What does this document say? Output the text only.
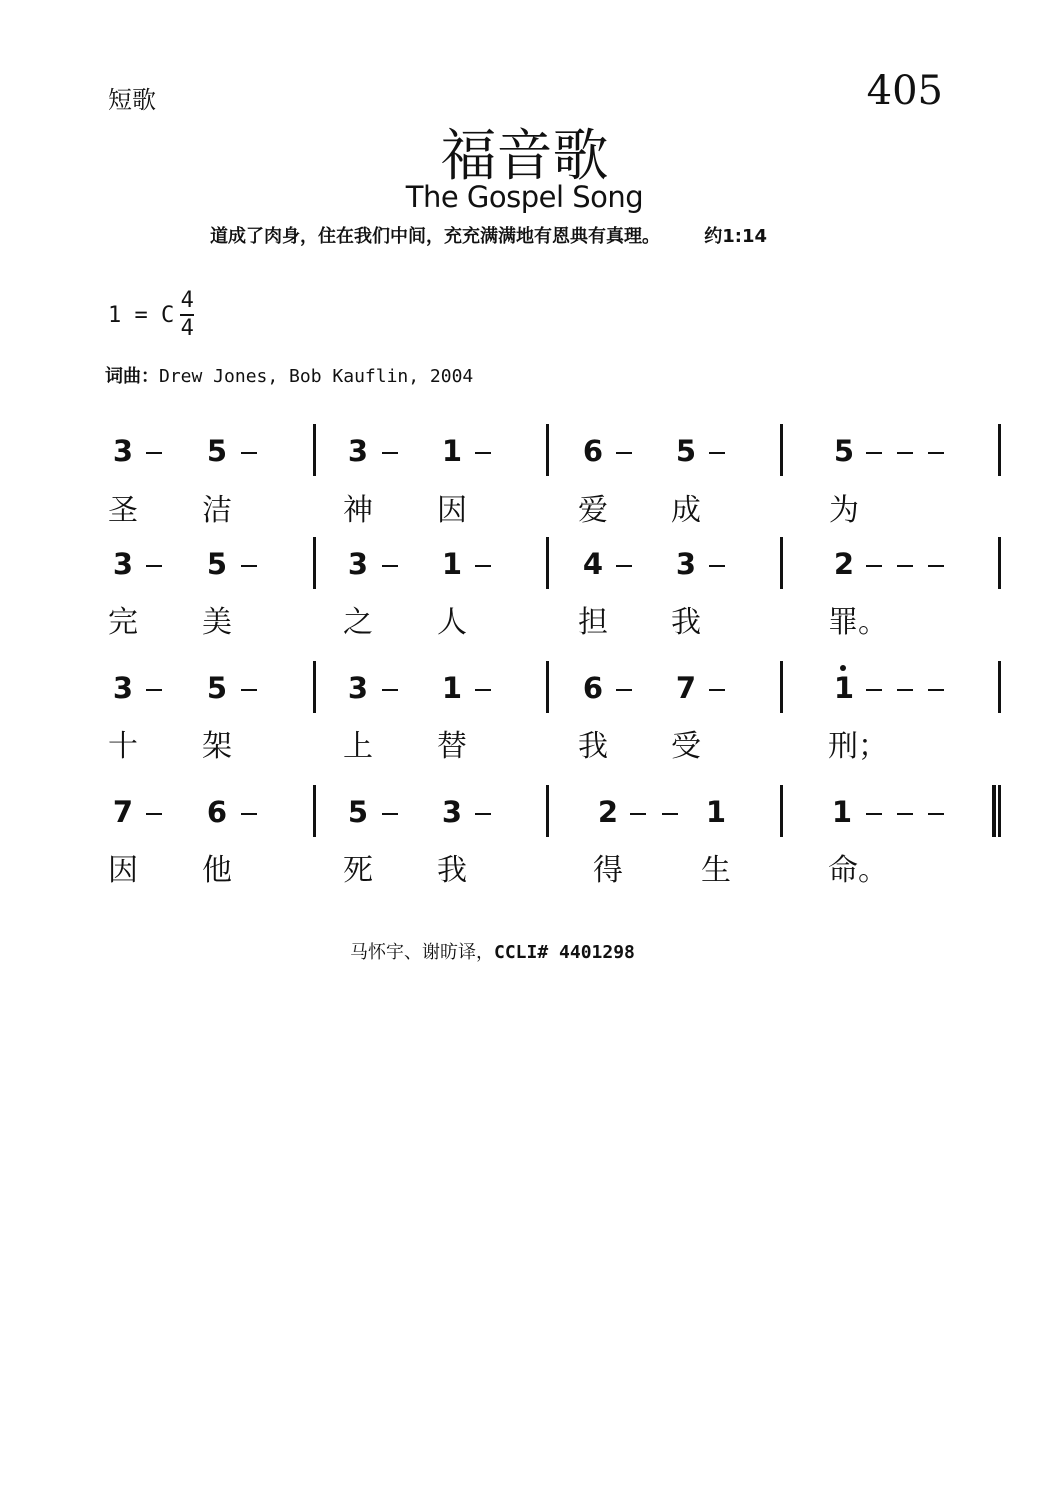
短歌	405
福音歌
The Gospel Song
道成了肉身，住在我们中间，充充满满地有恩典有真理。 约1:14
1 = C
4
4
词曲：Drew Jones, Bob Kauflin, 2004
3	5	3	1	6	5	5
圣 洁	神 因	爱 成	为
3	5	3	1	4	3	2
完 美	之 人	担 我	罪。
3	5	3	1	6	7	1
十 架	上 替	我 受	刑；
7	6	5	3	2	1	1
因 他	死 我	得	生	命。
马怀宇、谢昉译，CCLI# 4401298
